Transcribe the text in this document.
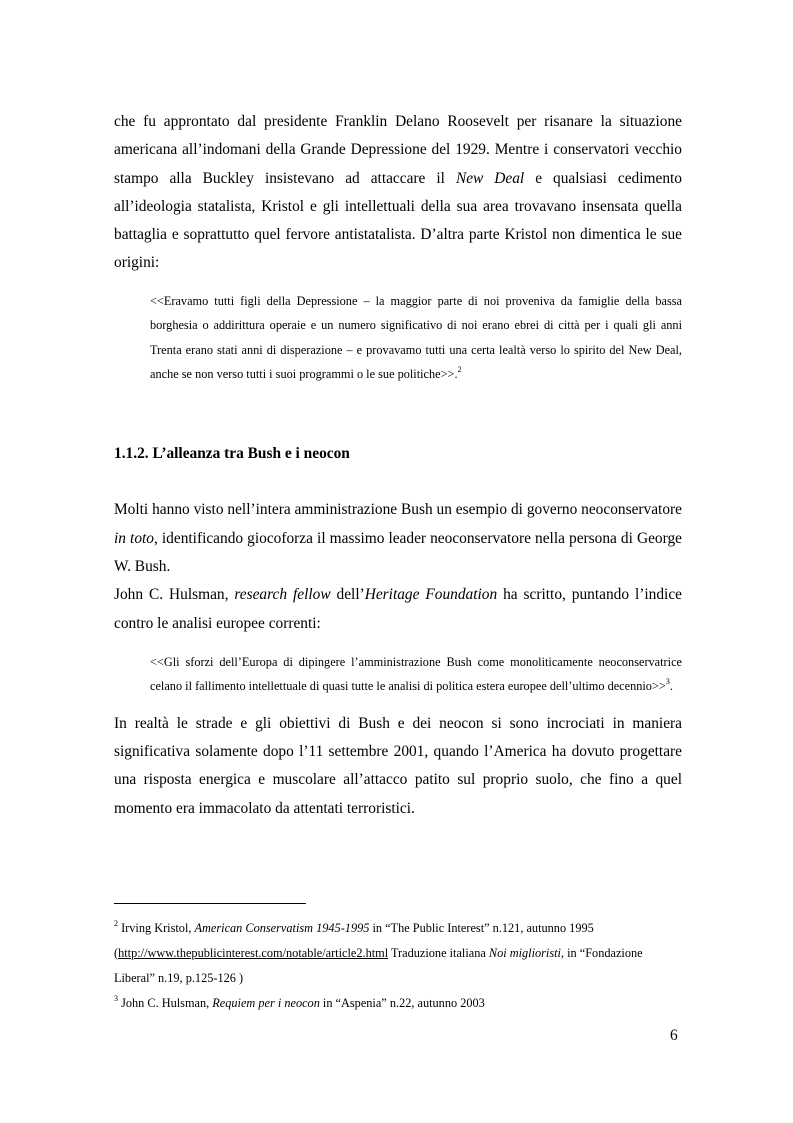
che fu approntato dal presidente Franklin Delano Roosevelt per risanare la situazione americana all’indomani della Grande Depressione del 1929. Mentre i conservatori vecchio stampo alla Buckley insistevano ad attaccare il New Deal e qualsiasi cedimento all’ideologia statalista, Kristol e gli intellettuali della sua area trovavano insensata quella battaglia e soprattutto quel fervore antistatalista. D’altra parte Kristol non dimentica le sue origini:

<<Eravamo tutti figli della Depressione – la maggior parte di noi proveniva da famiglie della bassa borghesia o addirittura operaie e un numero significativo di noi erano ebrei di città per i quali gli anni Trenta erano stati anni di disperazione – e provavamo tutti una certa lealtà verso lo spirito del New Deal, anche se non verso tutti i suoi programmi o le sue politiche>>.$^2$

1.1.2. L’alleanza tra Bush e i neocon

Molti hanno visto nell’intera amministrazione Bush un esempio di governo neoconservatore in toto, identificando giocoforza il massimo leader neoconservatore nella persona di George W. Bush.

John C. Hulsman, research fellow dell’Heritage Foundation ha scritto, puntando l’indice contro le analisi europee correnti:

<<Gli sforzi dell’Europa di dipingere l’amministrazione Bush come monoliticamente neoconservatrice celano il fallimento intellettuale di quasi tutte le analisi di politica estera europee dell’ultimo decennio>>$^3$.

In realtà le strade e gli obiettivi di Bush e dei neocon si sono incrociati in maniera significativa solamente dopo l’11 settembre 2001, quando l’America ha dovuto progettare una risposta energica e muscolare all’attacco patito sul proprio suolo, che fino a quel momento era immacolato da attentati terroristici.

$^2$ Irving Kristol, American Conservatism 1945-1995 in “The Public Interest” n.121, autunno 1995 (http://www.thepublicinterest.com/notable/article2.html Traduzione italiana Noi miglioristi, in “Fondazione Liberal” n.19, p.125-126 )

$^3$ John C. Hulsman, Requiem per i neocon in “Aspenia” n.22, autunno 2003

6
